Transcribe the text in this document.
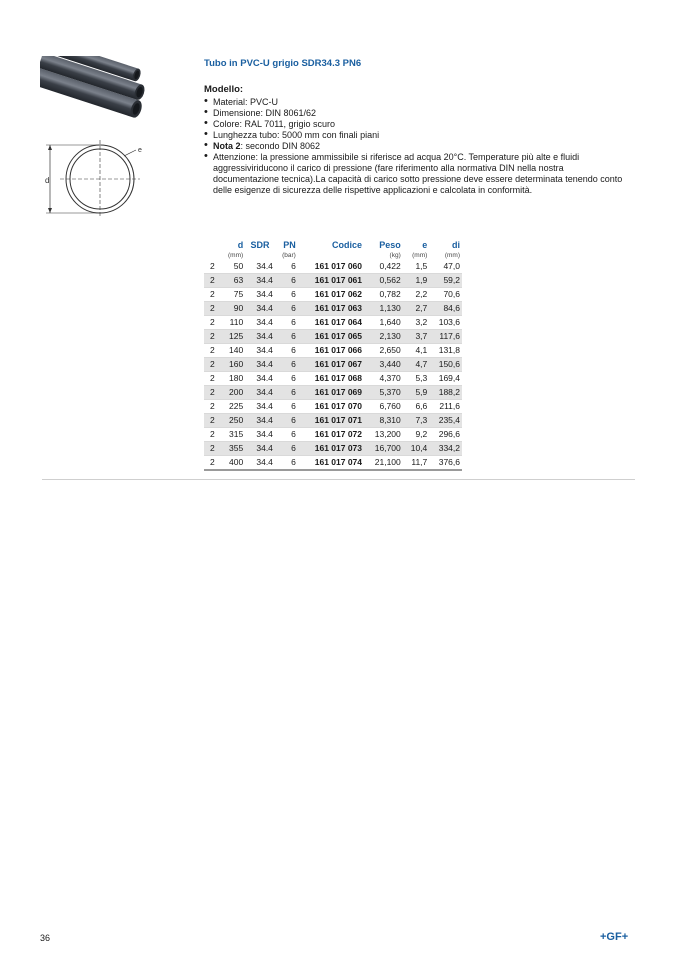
d
e
Tubo in PVC-U grigio SDR34.3 PN6
Modello:
• Material: PVC-U
• Dimensione: DIN 8061/62
• Colore: RAL 7011, grigio scuro
• Lunghezza tubo: 5000 mm con finali piani
• Nota 2: secondo DIN 8062
• Attenzione: la pressione ammissibile si riferisce ad acqua 20°C. Temperature più alte e fluidi aggressiviriducono il carico di pressione (fare riferimento alla normativa DIN nella nostra documentazione tecnica).La capacità di carico sotto pressione deve essere determinata tenendo conto delle esigenze di sicurezza delle rispettive applicazioni e calcolata in conformità.
	d	SDR	PN	Codice	Peso	e	di
	(mm)		(bar)		(kg)	(mm)	(mm)
2	50	34.4	6	161 017 060	0,422	1,5	47,0
2	63	34.4	6	161 017 061	0,562	1,9	59,2
2	75	34.4	6	161 017 062	0,782	2,2	70,6
2	90	34.4	6	161 017 063	1,130	2,7	84,6
2	110	34.4	6	161 017 064	1,640	3,2	103,6
2	125	34.4	6	161 017 065	2,130	3,7	117,6
2	140	34.4	6	161 017 066	2,650	4,1	131,8
2	160	34.4	6	161 017 067	3,440	4,7	150,6
2	180	34.4	6	161 017 068	4,370	5,3	169,4
2	200	34.4	6	161 017 069	5,370	5,9	188,2
2	225	34.4	6	161 017 070	6,760	6,6	211,6
2	250	34.4	6	161 017 071	8,310	7,3	235,4
2	315	34.4	6	161 017 072	13,200	9,2	296,6
2	355	34.4	6	161 017 073	16,700	10,4	334,2
2	400	34.4	6	161 017 074	21,100	11,7	376,6
36	+GF+
